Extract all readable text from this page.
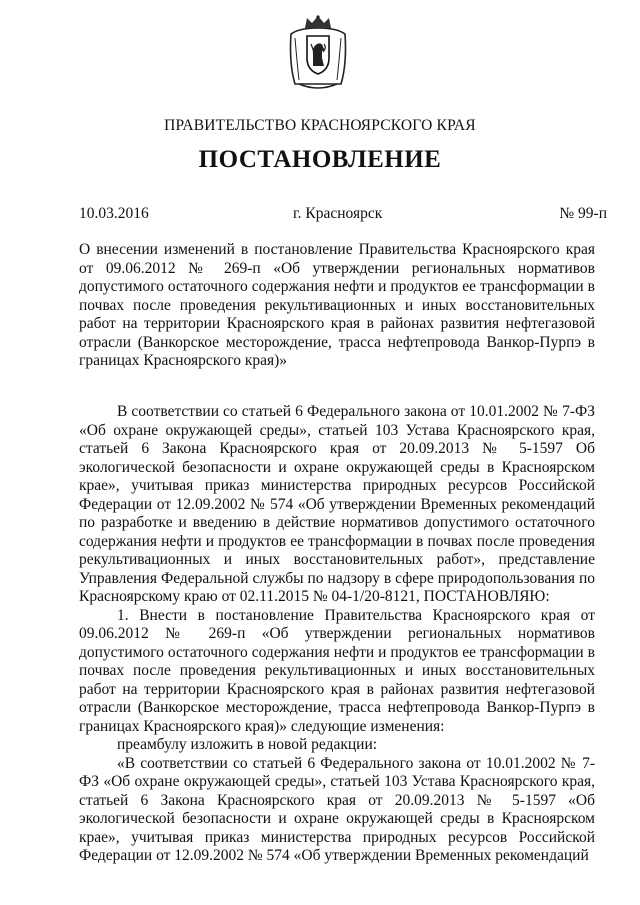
ПРАВИТЕЛЬСТВО КРАСНОЯРСКОГО КРАЯ
ПОСТАНОВЛЕНИЕ
10.03.2016	г. Красноярск	№ 99-п
О внесении изменений в постановление Правительства Красноярского края от 09.06.2012 № 269-п «Об утверждении региональных нормативов допустимого остаточного содержания нефти и продуктов ее трансформации в почвах после проведения рекультивационных и иных восстановительных работ на территории Красноярского края в районах развития нефтегазовой отрасли (Ванкорское месторождение, трасса нефтепровода Ванкор-Пурпэ в границах Красноярского края)»

В соответствии со статьей 6 Федерального закона от 10.01.2002 № 7-ФЗ «Об охране окружающей среды», статьей 103 Устава Красноярского края, статьей 6 Закона Красноярского края от 20.09.2013 № 5-1597 Об экологической безопасности и охране окружающей среды в Красноярском крае», учитывая приказ министерства природных ресурсов Российской Федерации от 12.09.2002 № 574 «Об утверждении Временных рекомендаций по разработке и введению в действие нормативов допустимого остаточного содержания нефти и продуктов ее трансформации в почвах после проведения рекультивационных и иных восстановительных работ», представление Управления Федеральной службы по надзору в сфере природопользования по Красноярскому краю от 02.11.2015 № 04-1/20-8121, ПОСТАНОВЛЯЮ:

1. Внести в постановление Правительства Красноярского края от 09.06.2012 № 269-п «Об утверждении региональных нормативов допустимого остаточного содержания нефти и продуктов ее трансформации в почвах после проведения рекультивационных и иных восстановительных работ на территории Красноярского края в районах развития нефтегазовой отрасли (Ванкорское месторождение, трасса нефтепровода Ванкор-Пурпэ в границах Красноярского края)» следующие изменения:

преамбулу изложить в новой редакции:

«В соответствии со статьей 6 Федерального закона от 10.01.2002 № 7-ФЗ «Об охране окружающей среды», статьей 103 Устава Красноярского края, статьей 6 Закона Красноярского края от 20.09.2013 № 5-1597 «Об экологической безопасности и охране окружающей среды в Красноярском крае», учитывая приказ министерства природных ресурсов Российской Федерации от 12.09.2002 № 574 «Об утверждении Временных рекомендаций
